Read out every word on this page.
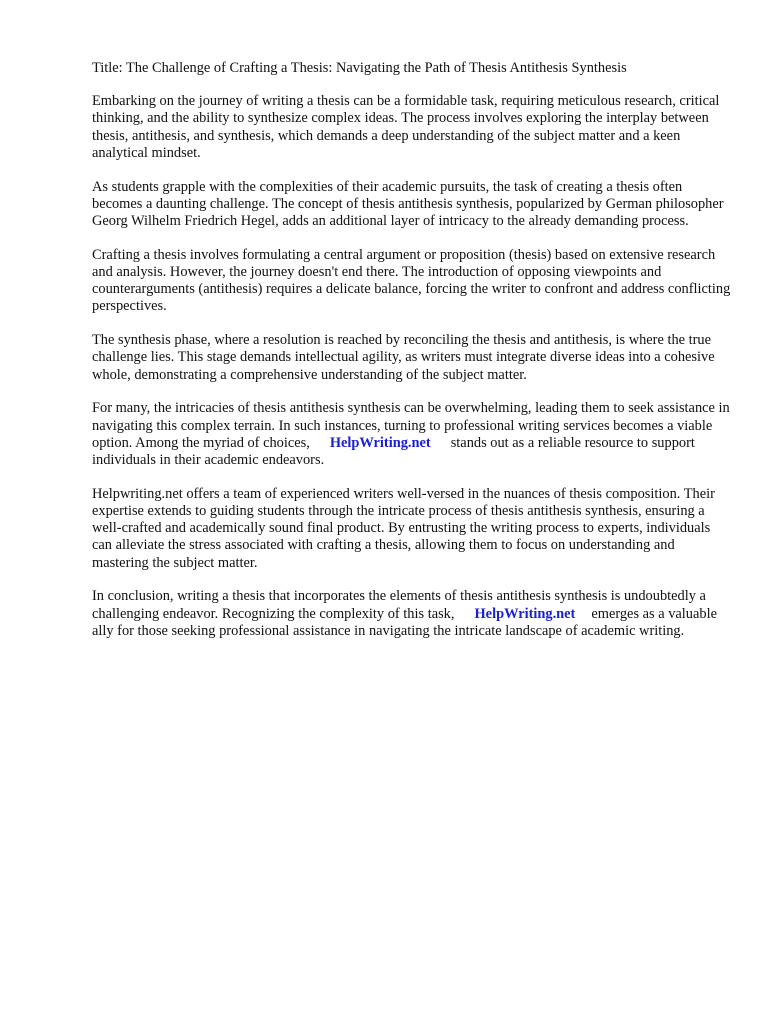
Title: The Challenge of Crafting a Thesis: Navigating the Path of Thesis Antithesis Synthesis

Embarking on the journey of writing a thesis can be a formidable task, requiring meticulous research, critical thinking, and the ability to synthesize complex ideas. The process involves exploring the interplay between thesis, antithesis, and synthesis, which demands a deep understanding of the subject matter and a keen analytical mindset.

As students grapple with the complexities of their academic pursuits, the task of creating a thesis often becomes a daunting challenge. The concept of thesis antithesis synthesis, popularized by German philosopher Georg Wilhelm Friedrich Hegel, adds an additional layer of intricacy to the already demanding process.

Crafting a thesis involves formulating a central argument or proposition (thesis) based on extensive research and analysis. However, the journey doesn't end there. The introduction of opposing viewpoints and counterarguments (antithesis) requires a delicate balance, forcing the writer to confront and address conflicting perspectives.

The synthesis phase, where a resolution is reached by reconciling the thesis and antithesis, is where the true challenge lies. This stage demands intellectual agility, as writers must integrate diverse ideas into a cohesive whole, demonstrating a comprehensive understanding of the subject matter.

For many, the intricacies of thesis antithesis synthesis can be overwhelming, leading them to seek assistance in navigating this complex terrain. In such instances, turning to professional writing services becomes a viable option. Among the myriad of choices, HelpWriting.net stands out as a reliable resource to support individuals in their academic endeavors.

Helpwriting.net offers a team of experienced writers well-versed in the nuances of thesis composition. Their expertise extends to guiding students through the intricate process of thesis antithesis synthesis, ensuring a well-crafted and academically sound final product. By entrusting the writing process to experts, individuals can alleviate the stress associated with crafting a thesis, allowing them to focus on understanding and mastering the subject matter.

In conclusion, writing a thesis that incorporates the elements of thesis antithesis synthesis is undoubtedly a challenging endeavor. Recognizing the complexity of this task, HelpWriting.net emerges as a valuable ally for those seeking professional assistance in navigating the intricate landscape of academic writing.
